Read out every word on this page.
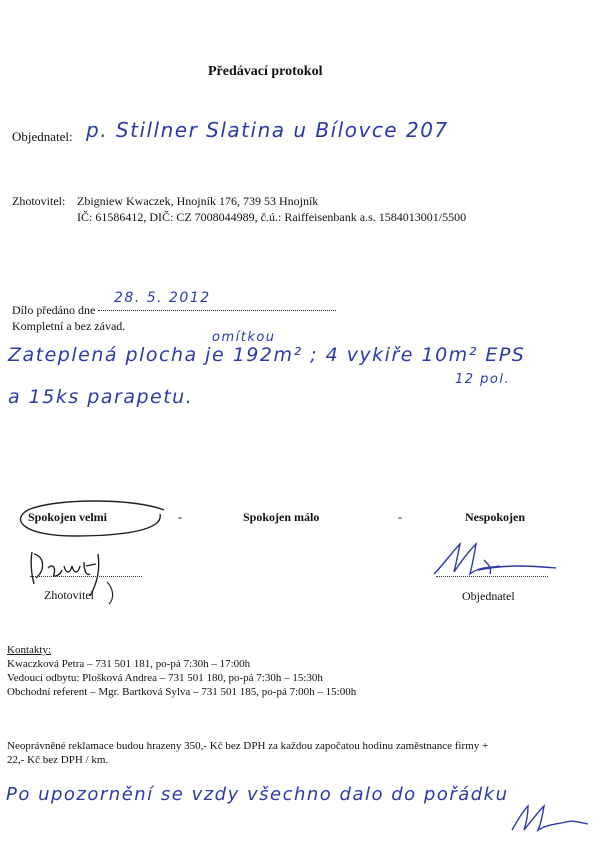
Předávací protokol
Objednatel: p. Stillner Slatina u Bílovce 207
Zhotovitel: Zbigniew Kwaczek, Hnojník 176, 739 53 Hnojník
IČ: 61586412, DIČ: CZ 7008044989, č.ú.: Raiffeisenbank a.s. 1584013001/5500
Dílo předáno dne
28. 5. 2012
Kompletní a bez závad.
omítkou
Zateplená plocha je 192m² ; 4 vykiře 10m² EPS
12 pol.
a 15ks parapetu.
Spokojen velmi	-	Spokojen málo	-	Nespokojen
Zhotovitel	Objednatel
Kontakty:
Kwaczková Petra – 731 501 181, po-pá 7:30h – 17:00h
Vedoucí odbytu: Plošková Andrea – 731 501 180, po-pá 7:30h – 15:30h
Obchodní referent – Mgr. Bartková Sylva – 731 501 185, po-pá 7:00h – 15:00h
Neoprávněné reklamace budou hrazeny 350,- Kč bez DPH za každou započatou hodinu zaměstnance firmy +
22,- Kč bez DPH / km.
Po upozornění se vzdy všechno dalo do pořádku
